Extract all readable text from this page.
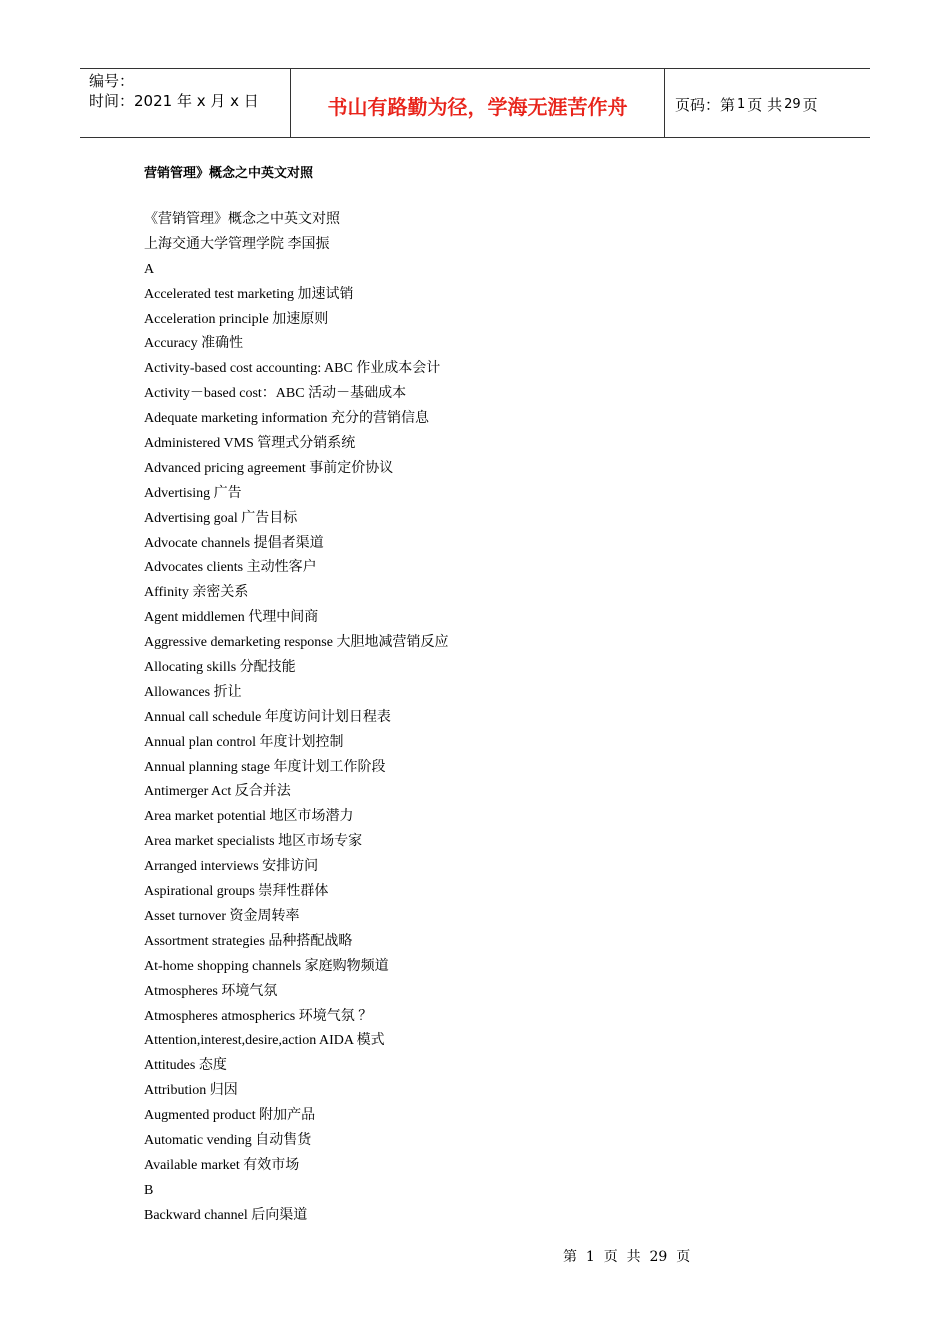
编号：
时间：2021 年 x 月 x 日	书山有路勤为径，学海无涯苦作舟	页码：第 1 页 共 29 页
营销管理》概念之中英文对照
《营销管理》概念之中英文对照
上海交通大学管理学院 李国振
A
Accelerated test marketing 加速试销
Acceleration principle 加速原则
Accuracy 准确性
Activity-based cost accounting: ABC 作业成本会计
Activity－based cost：ABC 活动－基础成本
Adequate marketing information 充分的营销信息
Administered VMS 管理式分销系统
Advanced pricing agreement 事前定价协议
Advertising 广告
Advertising goal 广告目标
Advocate channels 提倡者渠道
Advocates clients 主动性客户
Affinity 亲密关系
Agent middlemen 代理中间商
Aggressive demarketing response 大胆地减营销反应
Allocating skills 分配技能
Allowances 折让
Annual call schedule 年度访问计划日程表
Annual plan control 年度计划控制
Annual planning stage 年度计划工作阶段
Antimerger Act 反合并法
Area market potential 地区市场潜力
Area market specialists 地区市场专家
Arranged interviews 安排访问
Aspirational groups 崇拜性群体
Asset turnover 资金周转率
Assortment strategies 品种搭配战略
At-home shopping channels 家庭购物频道
Atmospheres 环境气氛
Atmospheres atmospherics 环境气氛 ？
Attention,interest,desire,action AIDA 模式
Attitudes 态度
Attribution 归因
Augmented product 附加产品
Automatic vending 自动售货
Available market 有效市场
B
Backward channel 后向渠道
第  1  页  共  29  页
